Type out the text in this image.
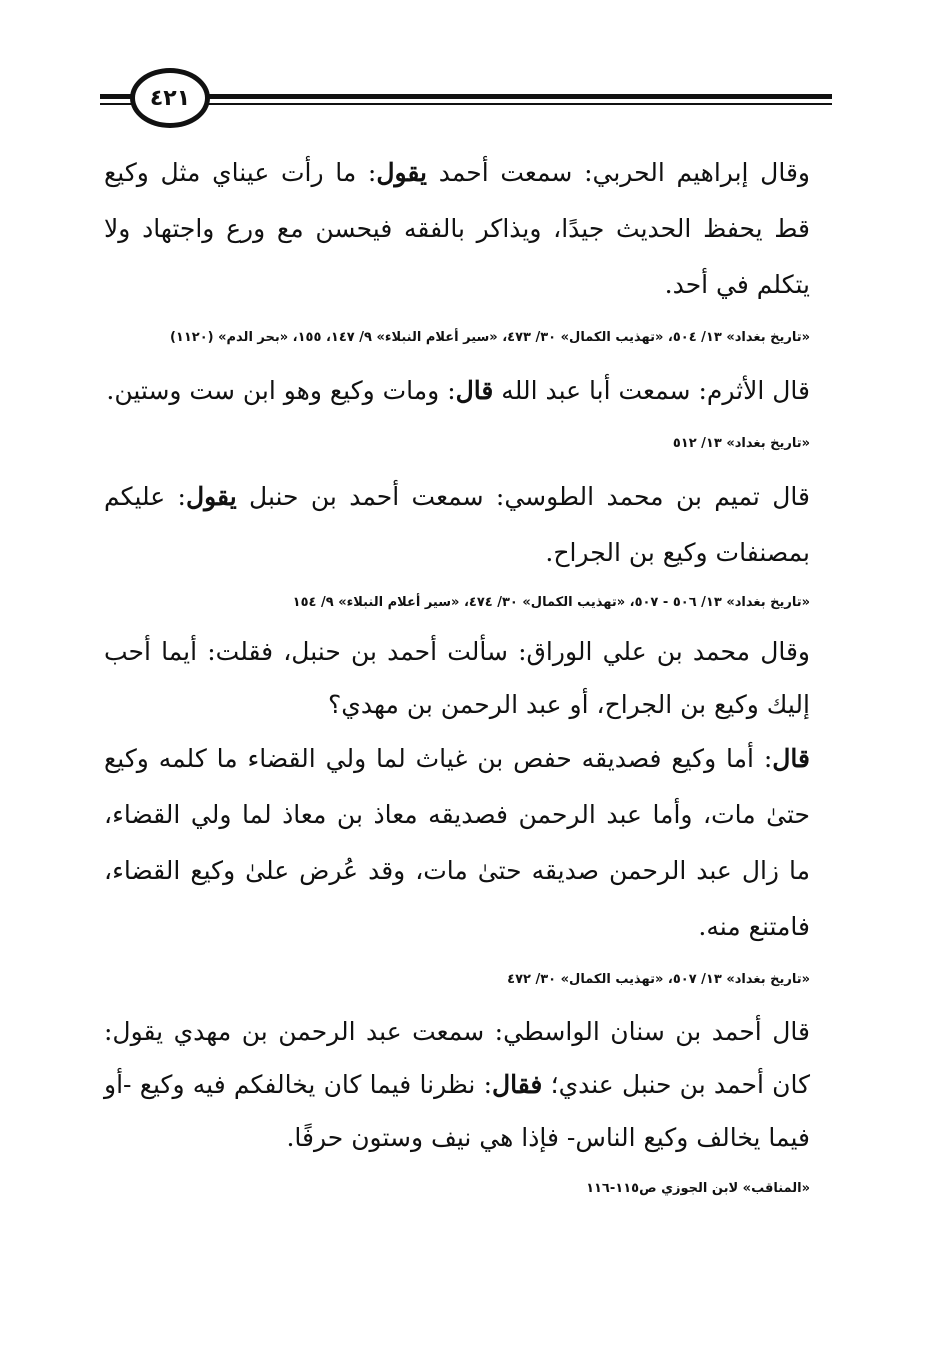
٤٢١

وقال إبراهيم الحربي: سمعت أحمد يقول: ما رأت عيناي مثل وكيع قط يحفظ الحديث جيدًا، ويذاكر بالفقه فيحسن مع ورع واجتهاد ولا يتكلم في أحد.

«تاريخ بغداد» ١٣/ ٥٠٤، «تهذيب الكمال» ٣٠/ ٤٧٣، «سير أعلام النبلاء» ٩/ ١٤٧، ١٥٥، «بحر الدم» (١١٢٠)

قال الأثرم: سمعت أبا عبد الله قال: ومات وكيع وهو ابن ست وستين.

«تاريخ بغداد» ١٣/ ٥١٢

قال تميم بن محمد الطوسي: سمعت أحمد بن حنبل يقول: عليكم بمصنفات وكيع بن الجراح.

«تاريخ بغداد» ١٣/ ٥٠٦ - ٥٠٧، «تهذيب الكمال» ٣٠/ ٤٧٤، «سير أعلام النبلاء» ٩/ ١٥٤

وقال محمد بن علي الوراق: سألت أحمد بن حنبل، فقلت: أيما أحب إليك وكيع بن الجراح، أو عبد الرحمن بن مهدي؟

قال: أما وكيع فصديقه حفص بن غياث لما ولي القضاء ما كلمه وكيع حتىٰ مات، وأما عبد الرحمن فصديقه معاذ بن معاذ لما ولي القضاء، ما زال عبد الرحمن صديقه حتىٰ مات، وقد عُرض علىٰ وكيع القضاء، فامتنع منه.

«تاريخ بغداد» ١٣/ ٥٠٧، «تهذيب الكمال» ٣٠/ ٤٧٢

قال أحمد بن سنان الواسطي: سمعت عبد الرحمن بن مهدي يقول: كان أحمد بن حنبل عندي؛ فقال: نظرنا فيما كان يخالفكم فيه وكيع -أو فيما يخالف وكيع الناس- فإذا هي نيف وستون حرفًا.

«المناقب» لابن الجوزي ص١١٥-١١٦
